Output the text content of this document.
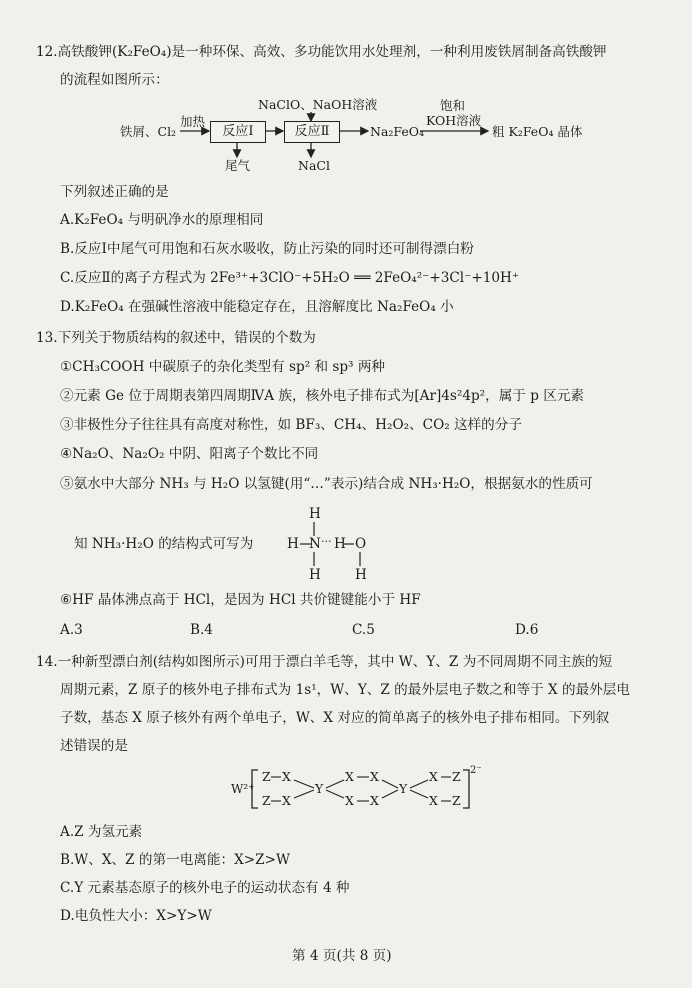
12.高铁酸钾(K₂FeO₄)是一种环保、高效、多功能饮用水处理剂，一种利用废铁屑制备高铁酸钾
的流程如图所示：
铁屑、Cl₂
加热
反应Ⅰ	反应Ⅱ
NaClO、NaOH溶液
尾气	NaCl
Na₂FeO₄
饱和
KOH溶液
粗 K₂FeO₄ 晶体
下列叙述正确的是
A.K₂FeO₄ 与明矾净水的原理相同
B.反应Ⅰ中尾气可用饱和石灰水吸收，防止污染的同时还可制得漂白粉
C.反应Ⅱ的离子方程式为 2Fe³⁺+3ClO⁻+5H₂O ══ 2FeO₄²⁻+3Cl⁻+10H⁺
D.K₂FeO₄ 在强碱性溶液中能稳定存在，且溶解度比 Na₂FeO₄ 小
13.下列关于物质结构的叙述中，错误的个数为
①CH₃COOH 中碳原子的杂化类型有 sp² 和 sp³ 两种
②元素 Ge 位于周期表第四周期ⅣA 族，核外电子排布式为[Ar]4s²4p²，属于 p 区元素
③非极性分子往往具有高度对称性，如 BF₃、CH₄、H₂O₂、CO₂ 这样的分子
④Na₂O、Na₂O₂ 中阴、阳离子个数比不同
⑤氨水中大部分 NH₃ 与 H₂O 以氢键(用“…”表示)结合成 NH₃·H₂O，根据氨水的性质可
知 NH₃·H₂O 的结构式可写为 H
H
N ··· H O
H	H
⑥HF 晶体沸点高于 HCl，是因为 HCl 共价键键能小于 HF
A.3	B.4	C.5	D.6
14.一种新型漂白剂(结构如图所示)可用于漂白羊毛等，其中 W、Y、Z 为不同周期不同主族的短
周期元素，Z 原子的核外电子排布式为 1s¹，W、Y、Z 的最外层电子数之和等于 X 的最外层电
子数，基态 X 原子核外有两个单电子，W、X 对应的简单离子的核外电子排布相同。下列叙
述错误的是
W²⁺
Z X
Z X
Y
X X
X X
Y
X Z
X Z
2⁻
A.Z 为氢元素
B.W、X、Z 的第一电离能：X>Z>W
C.Y 元素基态原子的核外电子的运动状态有 4 种
D.电负性大小：X>Y>W
第 4 页(共 8 页)
